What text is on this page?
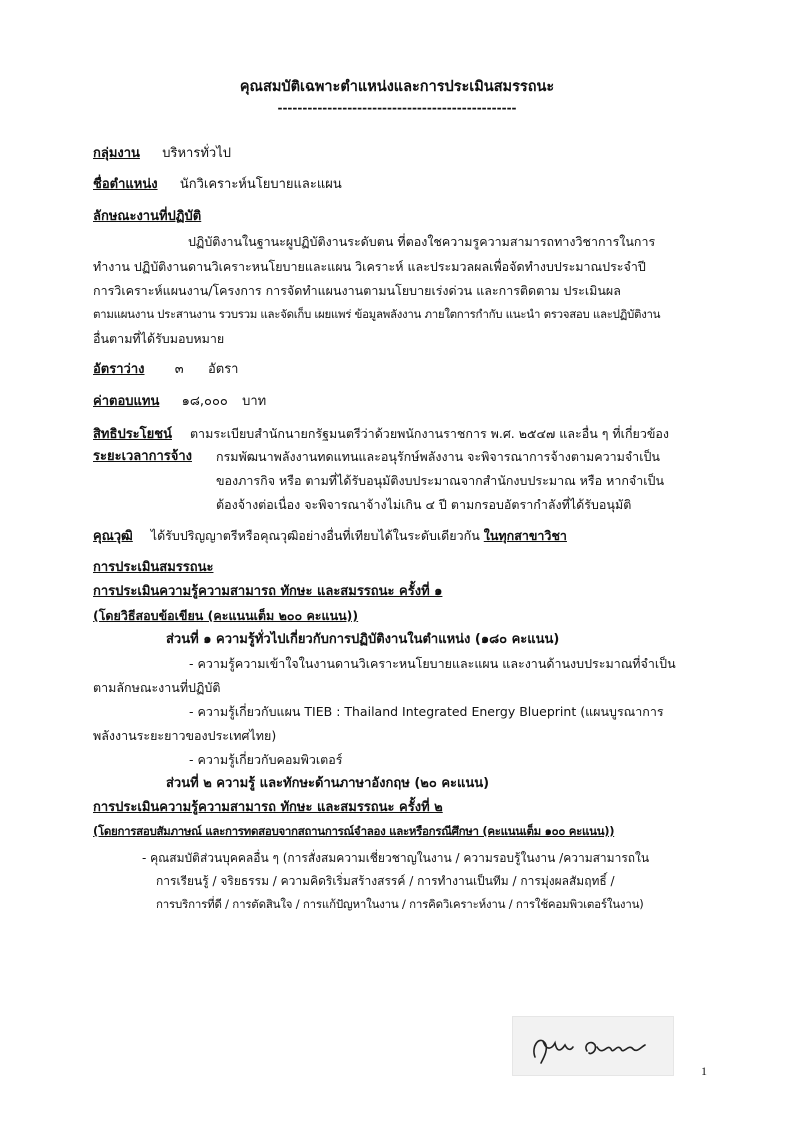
คุณสมบัติเฉพาะตำแหน่งและการประเมินสมรรถนะ

------------------------------------------------

กลุ่มงาน บริหารทั่วไป

ชื่อตำแหน่ง นักวิเคราะห์นโยบายและแผน

ลักษณะงานที่ปฏิบัติ

ปฏิบัติงานในฐานะผูปฏิบัติงานระดับตน ที่ตองใชความรูความสามารถทางวิชาการในการ

ทำงาน ปฏิบัติงานดานวิเคราะหนโยบายและแผน วิเคราะห์ และประมวลผลเพื่อจัดทำงบประมาณประจำปี

การวิเคราะห์แผนงาน/โครงการ การจัดทำแผนงานตามนโยบายเร่งด่วน และการติดตาม ประเมินผล

ตามแผนงาน ประสานงาน รวบรวม และจัดเก็บ เผยแพร่ ข้อมูลพลังงาน ภายใตการกำกับ แนะนำ ตรวจสอบ และปฏิบัติงาน

อื่นตามที่ได้รับมอบหมาย

อัตราว่าง ๓ อัตรา

ค่าตอบแทน ๑๘,๐๐๐ บาท

สิทธิประโยชน์ ตามระเบียบสำนักนายกรัฐมนตรีว่าด้วยพนักงานราชการ พ.ศ. ๒๕๔๗ และอื่น ๆ ที่เกี่ยวข้อง

ระยะเวลาการจ้าง กรมพัฒนาพลังงานทดแทนและอนุรักษ์พลังงาน จะพิจารณาการจ้างตามความจำเป็น

ของภารกิจ หรือ ตามที่ได้รับอนุมัติงบประมาณจากสำนักงบประมาณ หรือ หากจำเป็น

ต้องจ้างต่อเนื่อง จะพิจารณาจ้างไม่เกิน ๔ ปี ตามกรอบอัตรากำลังที่ได้รับอนุมัติ

คุณวุฒิ ได้รับปริญญาตรีหรือคุณวุฒิอย่างอื่นที่เทียบได้ในระดับเดียวกัน ในทุกสาขาวิชา

การประเมินสมรรถนะ

การประเมินความรู้ความสามารถ ทักษะ และสมรรถนะ ครั้งที่ ๑

(โดยวิธีสอบข้อเขียน (คะแนนเต็ม ๒๐๐ คะแนน))

ส่วนที่ ๑ ความรู้ทั่วไปเกี่ยวกับการปฏิบัติงานในตำแหน่ง (๑๘๐ คะแนน)

- ความรู้ความเข้าใจในงานดานวิเคราะหนโยบายและแผน และงานด้านงบประมาณที่จำเป็น

ตามลักษณะงานที่ปฏิบัติ

- ความรู้เกี่ยวกับแผน TIEB : Thailand Integrated Energy Blueprint (แผนบูรณาการ

พลังงานระยะยาวของประเทศไทย)

- ความรู้เกี่ยวกับคอมพิวเตอร์

ส่วนที่ ๒ ความรู้ และทักษะด้านภาษาอังกฤษ (๒๐ คะแนน)

การประเมินความรู้ความสามารถ ทักษะ และสมรรถนะ ครั้งที่ ๒

(โดยการสอบสัมภาษณ์ และการทดสอบจากสถานการณ์จำลอง และหรือกรณีศึกษา (คะแนนเต็ม ๑๐๐ คะแนน))

- คุณสมบัติส่วนบุคคลอื่น ๆ (การสั่งสมความเชี่ยวชาญในงาน / ความรอบรู้ในงาน /ความสามารถใน

การเรียนรู้ / จริยธรรม / ความคิดริเริ่มสร้างสรรค์ / การทำงานเป็นทีม / การมุ่งผลสัมฤทธิ์ /

การบริการที่ดี / การตัดสินใจ / การแก้ปัญหาในงาน / การคิดวิเคราะห์งาน / การใช้คอมพิวเตอร์ในงาน)

1
